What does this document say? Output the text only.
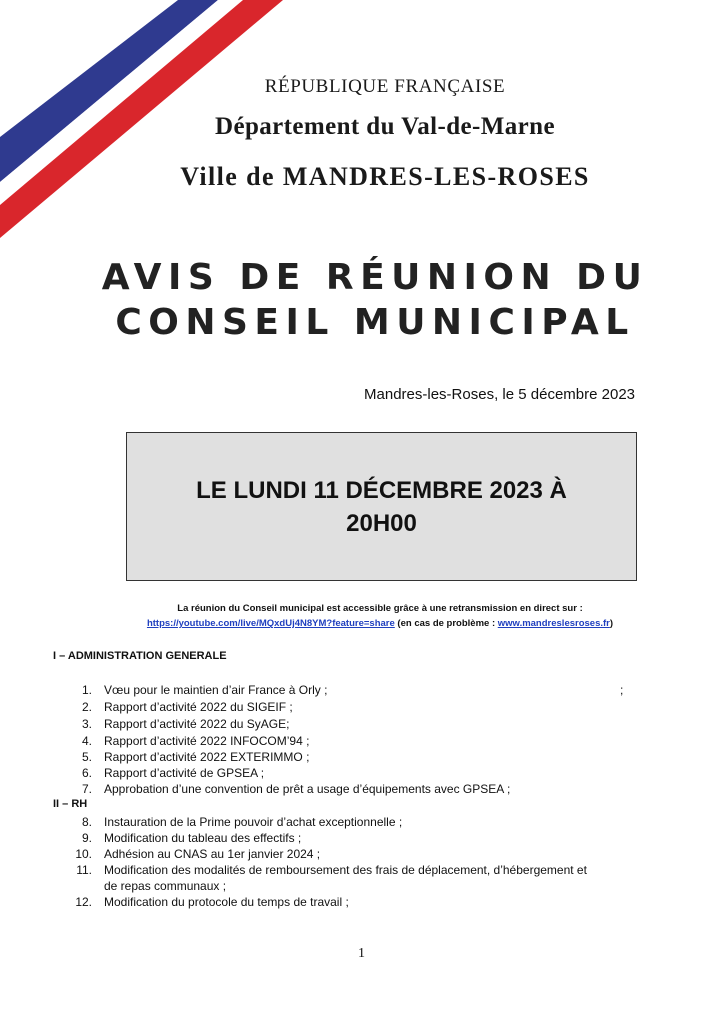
RÉPUBLIQUE FRANÇAISE
Département du Val-de-Marne
Ville de MANDRES-LES-ROSES
AVIS DE RÉUNION DU
CONSEIL MUNICIPAL
Mandres-les-Roses, le 5 décembre 2023
LE LUNDI 11 DÉCEMBRE 2023 À
20H00
La réunion du Conseil municipal est accessible grâce à une retransmission en direct sur :
https://youtube.com/live/MQxdUj4N8YM?feature=share (en cas de problème : www.mandreslesroses.fr)
I – ADMINISTRATION GENERALE
1. Vœu pour le maintien d’air France à Orly ;	;
2. Rapport d’activité 2022 du SIGEIF ;
3. Rapport d’activité 2022 du SyAGE;
4. Rapport d’activité 2022 INFOCOM’94 ;
5. Rapport d’activité 2022 EXTERIMMO ;
6. Rapport d’activité de GPSEA ;
7. Approbation d’une convention de prêt a usage d’équipements avec GPSEA ;
II – RH
8. Instauration de la Prime pouvoir d’achat exceptionnelle ;
9. Modification du tableau des effectifs ;
10. Adhésion au CNAS au 1er janvier 2024 ;
11. Modification des modalités de remboursement des frais de déplacement, d’hébergement et
de repas communaux ;
12. Modification du protocole du temps de travail ;
1
